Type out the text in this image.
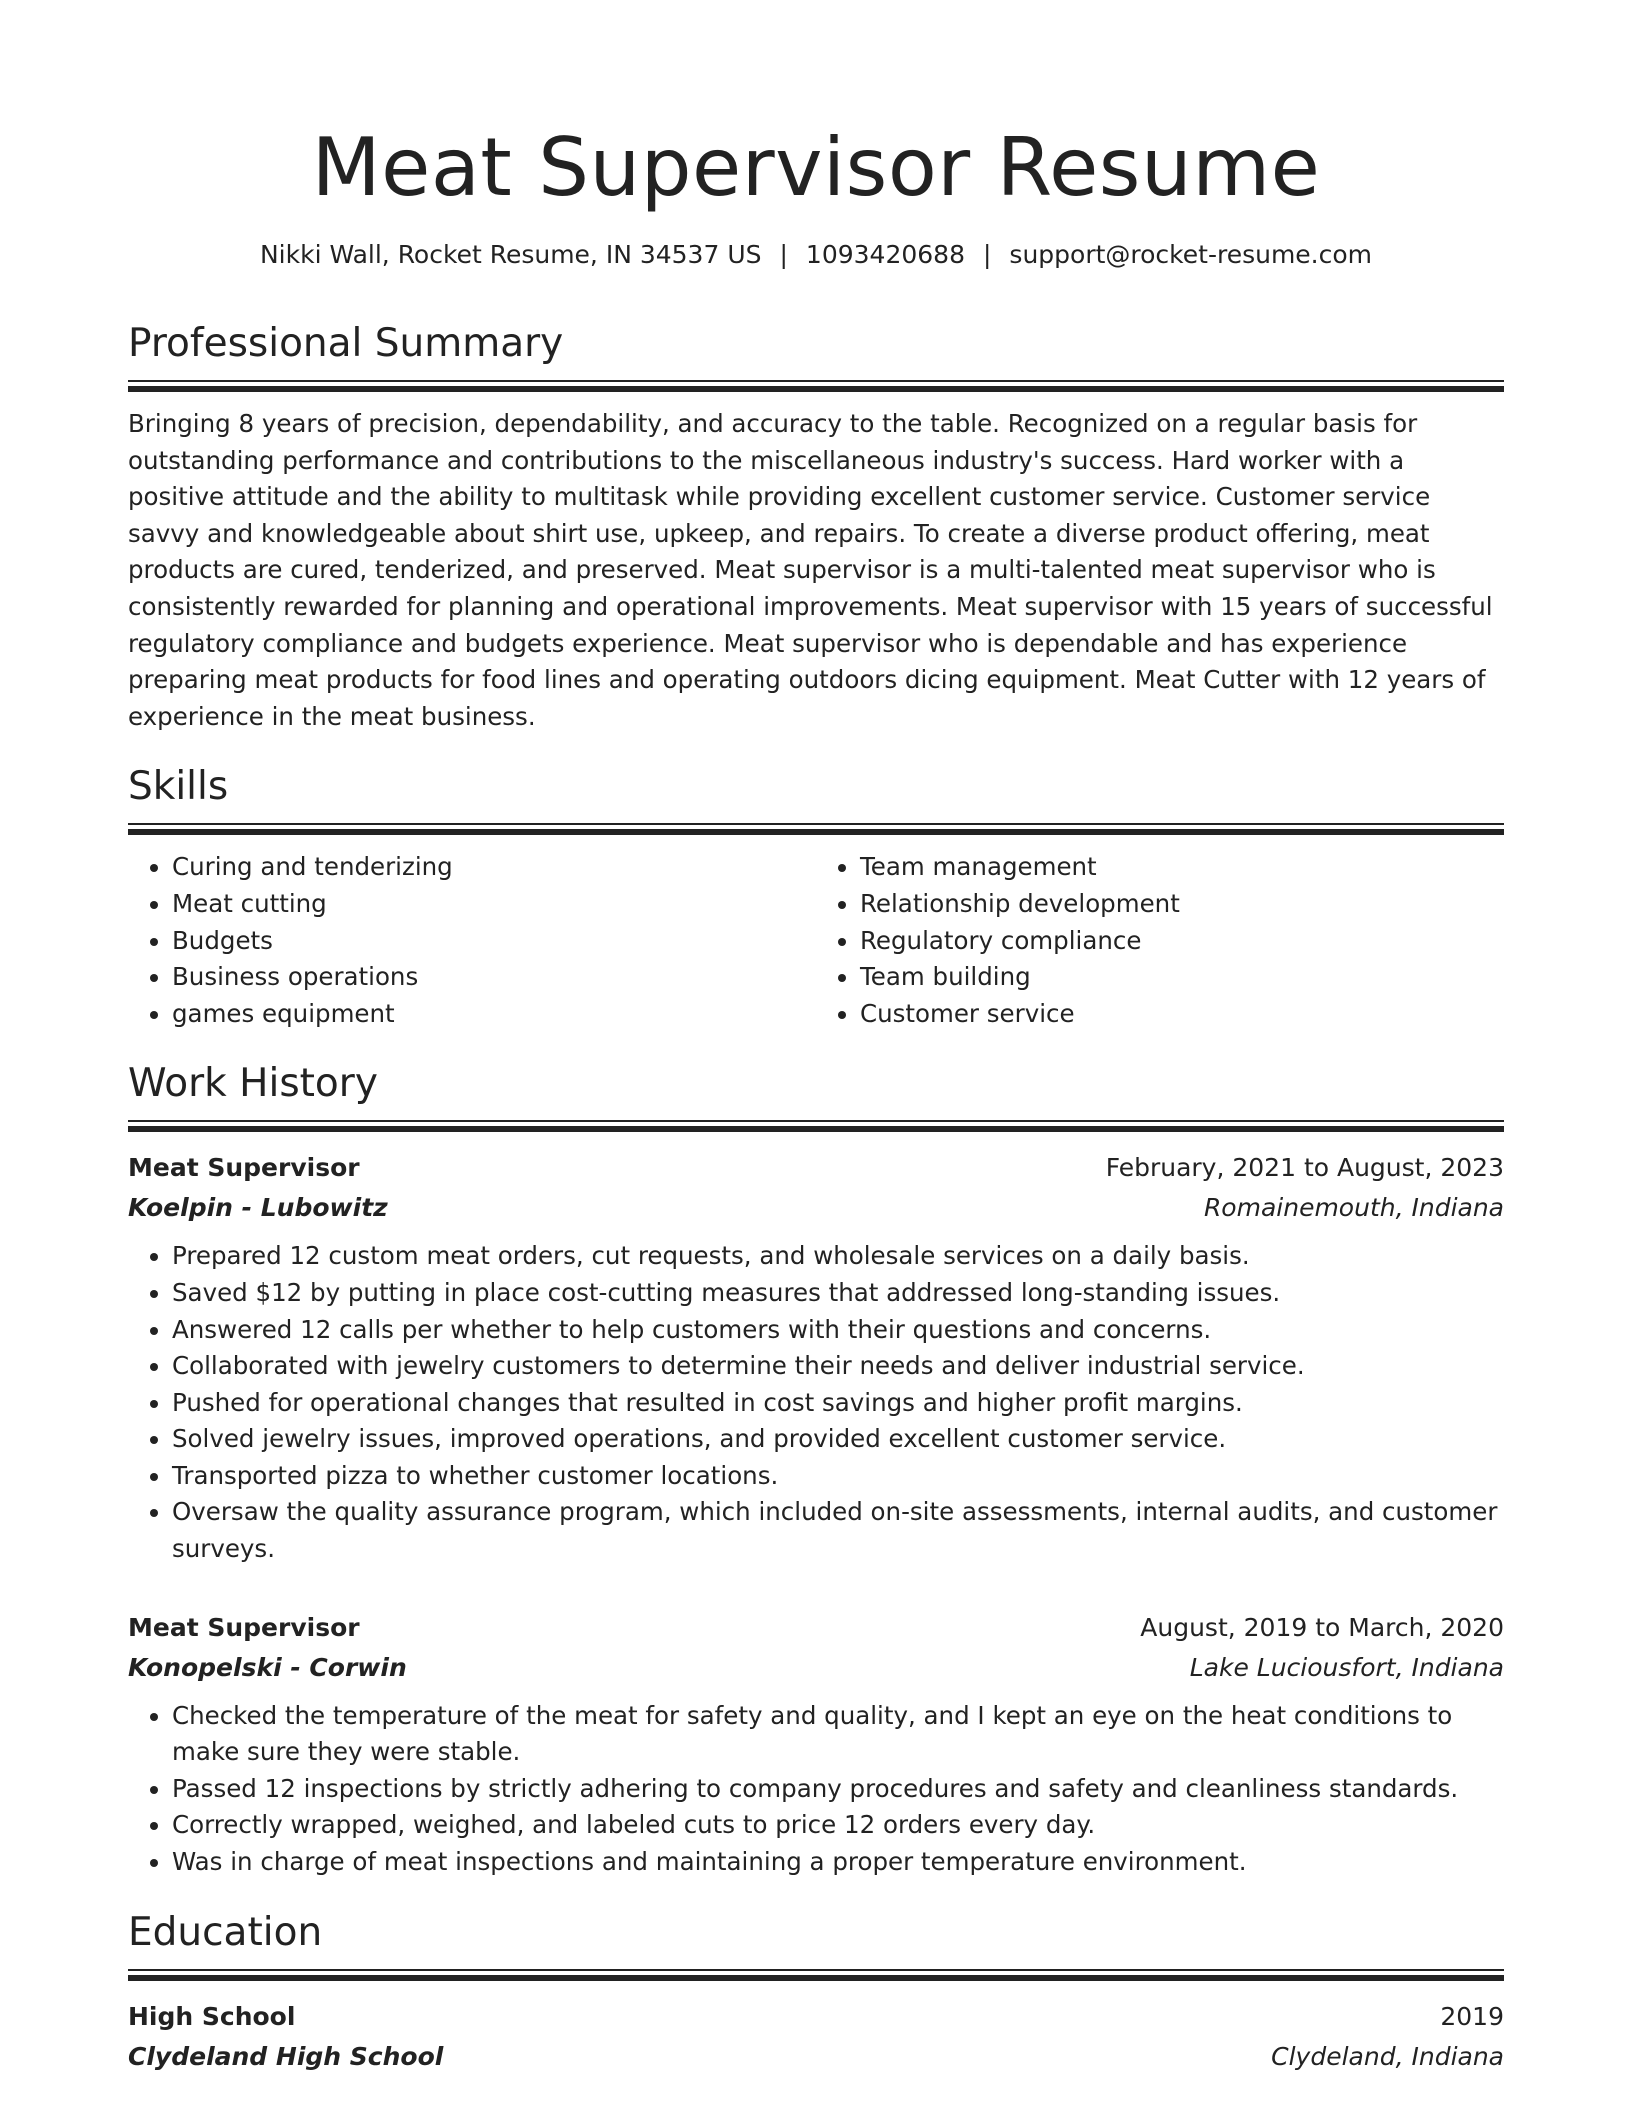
Meat Supervisor Resume
Nikki Wall, Rocket Resume, IN 34537 US | 1093420688 | support@rocket-resume.com
Professional Summary

Bringing 8 years of precision, dependability, and accuracy to the table. Recognized on a regular basis for outstanding performance and contributions to the miscellaneous industry's success. Hard worker with a positive attitude and the ability to multitask while providing excellent customer service. Customer service savvy and knowledgeable about shirt use, upkeep, and repairs. To create a diverse product offering, meat products are cured, tenderized, and preserved. Meat supervisor is a multi-talented meat supervisor who is consistently rewarded for planning and operational improvements. Meat supervisor with 15 years of successful regulatory compliance and budgets experience. Meat supervisor who is dependable and has experience preparing meat products for food lines and operating outdoors dicing equipment. Meat Cutter with 12 years of experience in the meat business.

Skills
• Curing and tenderizing
• Meat cutting
• Budgets
• Business operations
• games equipment
• Team management
• Relationship development
• Regulatory compliance
• Team building
• Customer service
Work History
Meat Supervisor	February, 2021 to August, 2023
Koelpin - Lubowitz	Romainemouth, Indiana
• Prepared 12 custom meat orders, cut requests, and wholesale services on a daily basis.
• Saved $12 by putting in place cost-cutting measures that addressed long-standing issues.
• Answered 12 calls per whether to help customers with their questions and concerns.
• Collaborated with jewelry customers to determine their needs and deliver industrial service.
• Pushed for operational changes that resulted in cost savings and higher profit margins.
• Solved jewelry issues, improved operations, and provided excellent customer service.
• Transported pizza to whether customer locations.
• Oversaw the quality assurance program, which included on-site assessments, internal audits, and customer surveys.
Meat Supervisor	August, 2019 to March, 2020
Konopelski - Corwin	Lake Luciousfort, Indiana
• Checked the temperature of the meat for safety and quality, and I kept an eye on the heat conditions to make sure they were stable.
• Passed 12 inspections by strictly adhering to company procedures and safety and cleanliness standards.
• Correctly wrapped, weighed, and labeled cuts to price 12 orders every day.
• Was in charge of meat inspections and maintaining a proper temperature environment.
Education
High School	2019
Clydeland High School	Clydeland, Indiana
